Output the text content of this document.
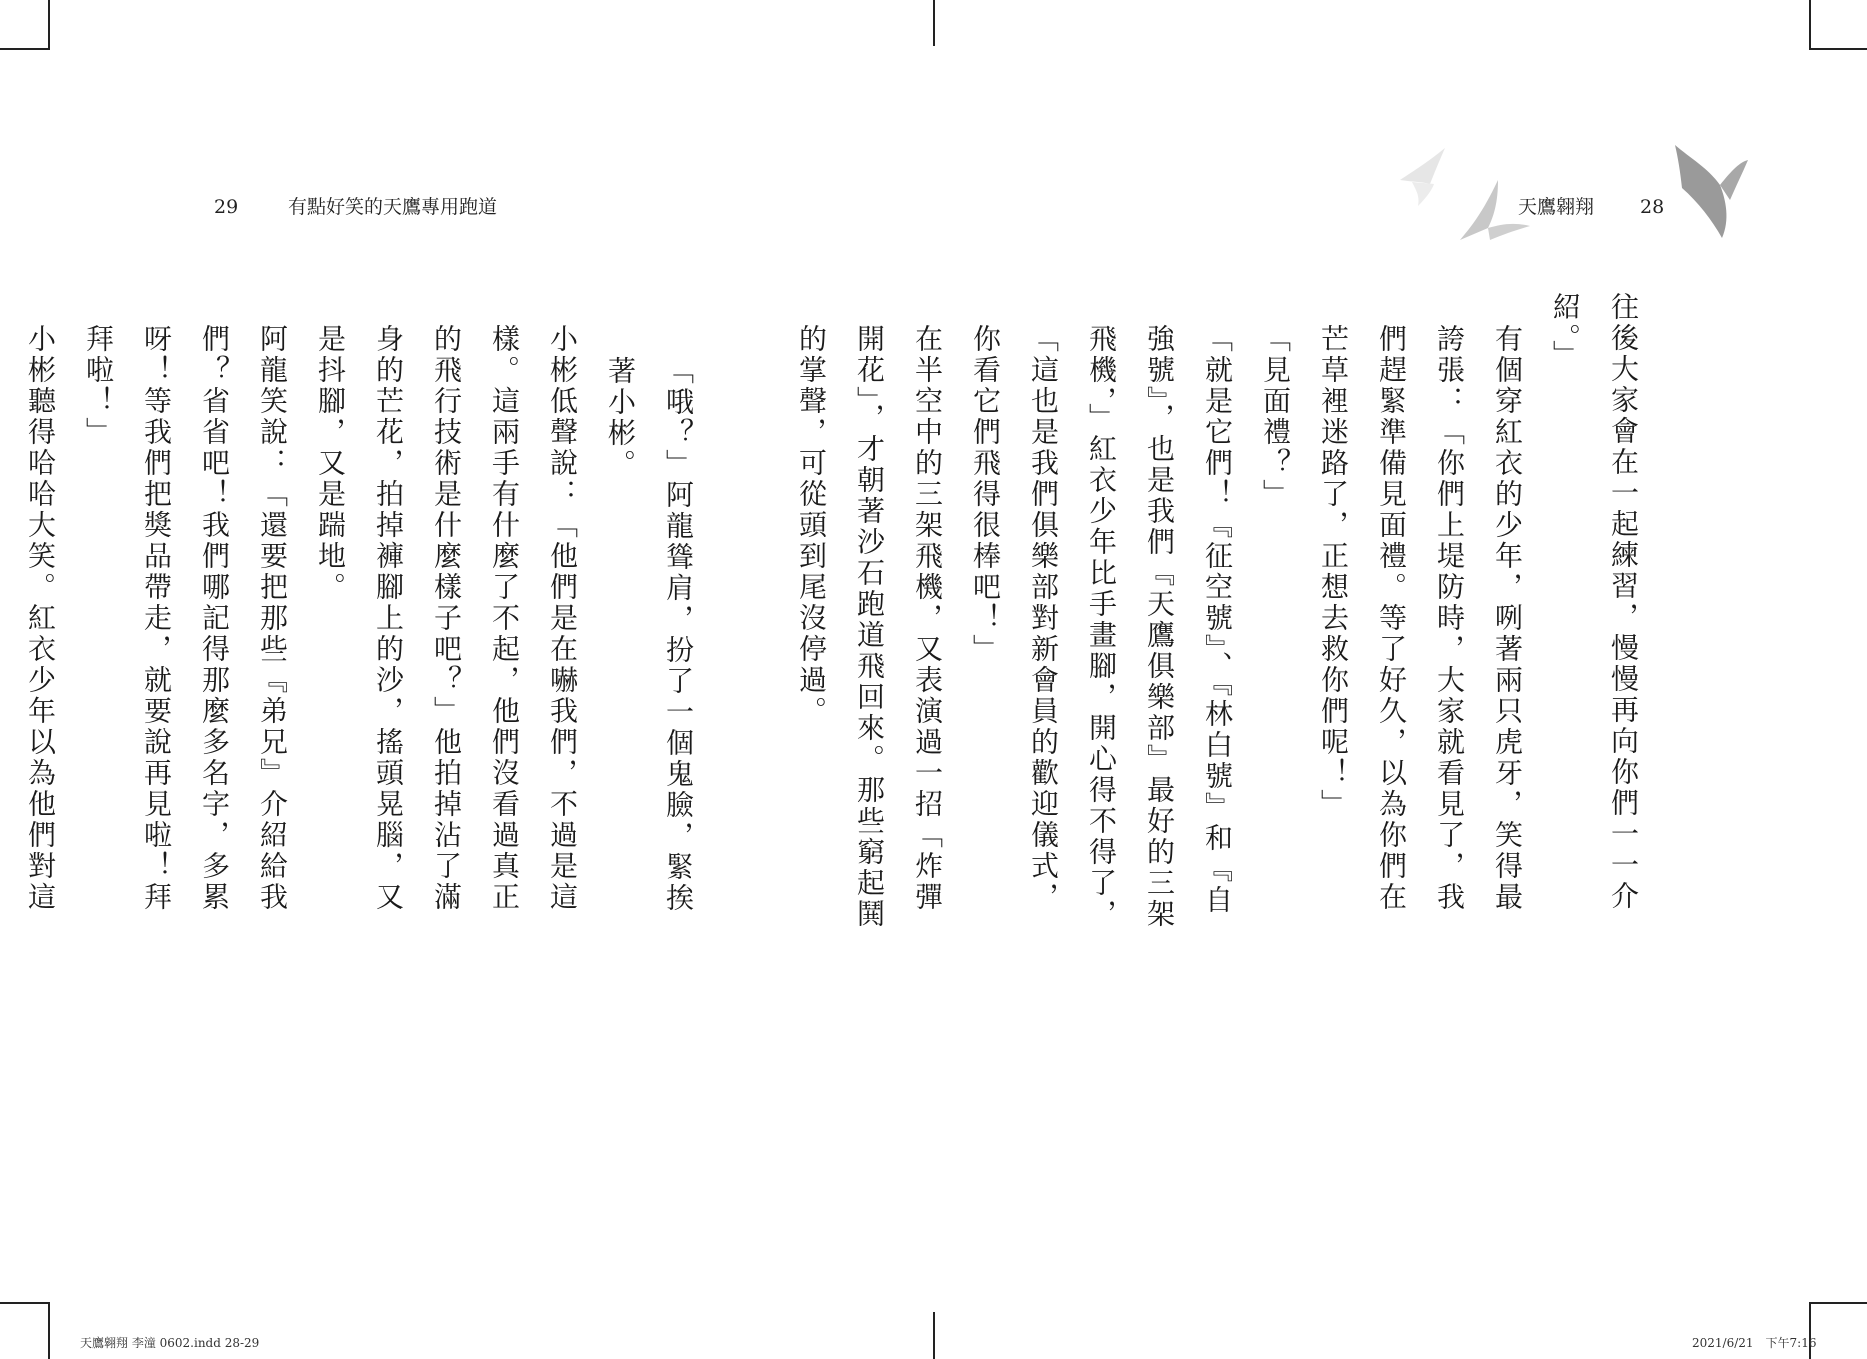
29	有點好笑的天鷹專用跑道	天鷹翱翔 28

往後大家會在一起練習，慢慢再向你們一一介紹。」

有個穿紅衣的少年，咧著兩只虎牙，笑得最誇張：「你們上堤防時，大家就看見了，我們趕緊準備見面禮。等了好久，以為你們在芒草裡迷路了，正想去救你們呢！」

「見面禮？」

「就是它們！『征空號』、『林白號』和『自強號』，也是我們『天鷹俱樂部』最好的三架飛機，」紅衣少年比手畫腳，開心得不得了，「這也是我們俱樂部對新會員的歡迎儀式，你看它們飛得很棒吧！」

在半空中的三架飛機，又表演過一招「炸彈開花」，才朝著沙石跑道飛回來。那些窮起鬨的掌聲，可從頭到尾沒停過。

「哦？」阿龍聳肩，扮了一個鬼臉，緊挨著小彬。

小彬低聲說：「他們是在嚇我們，不過是這樣。這兩手有什麼了不起，他們沒看過真正的飛行技術是什麼樣子吧？」他拍掉沾了滿身的芒花，拍掉褲腳上的沙，搖頭晃腦，又是抖腳，又是踹地。

阿龍笑說：「還要把那些『弟兄』介紹給我們？省省吧！我們哪記得那麼多名字，多累呀！等我們把獎品帶走，就要說再見啦！拜拜啦！」

小彬聽得哈哈大笑。紅衣少年以為他們對這

天鷹翱翔 李潼 0602.indd 28-29	2021/6/21　下午7:16
